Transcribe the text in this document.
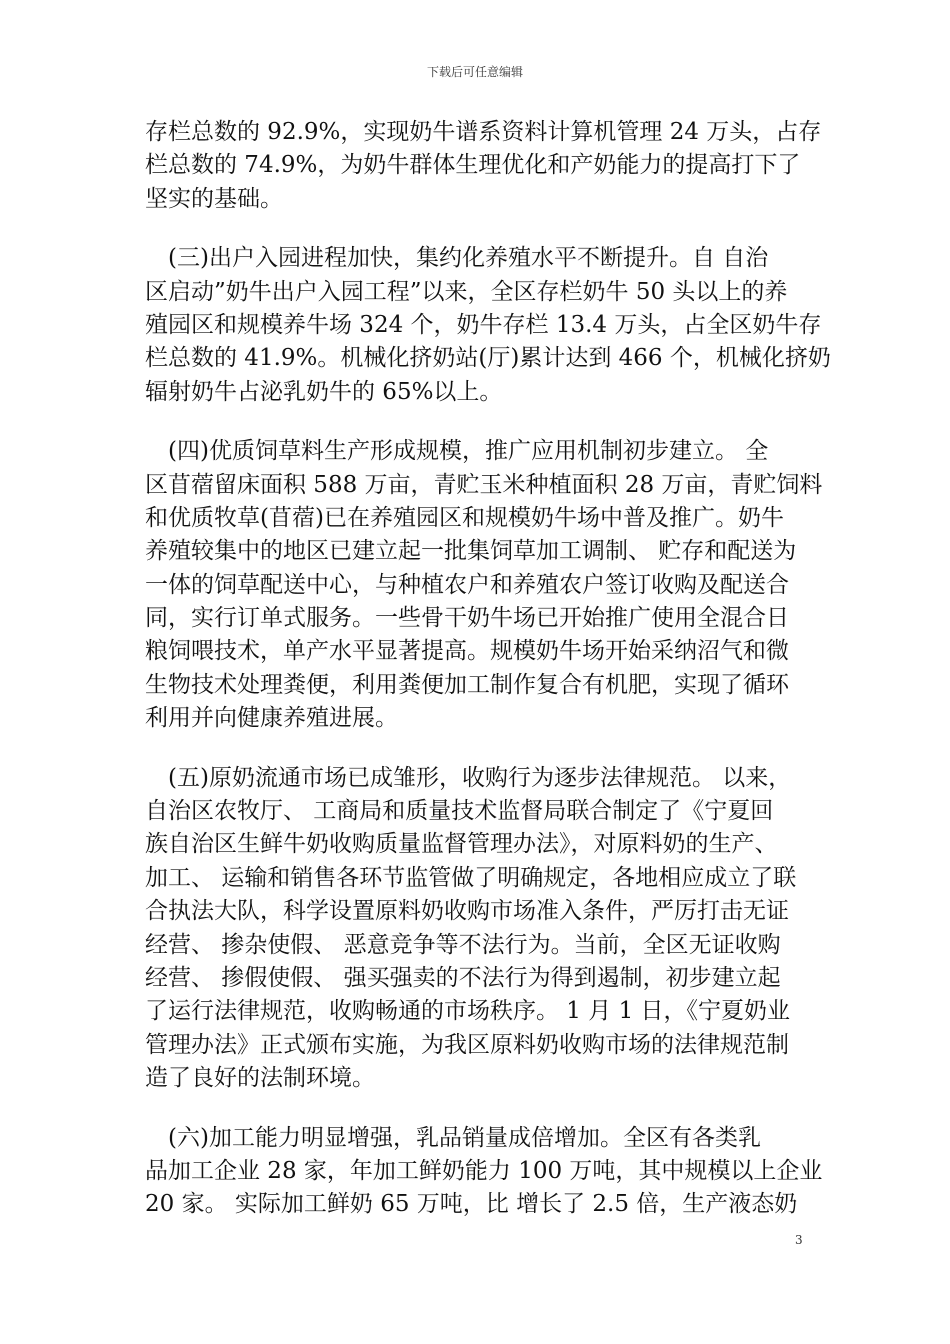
下载后可任意编辑

存栏总数的 92.9%，实现奶牛谱系资料计算机管理 24 万头，占存
栏总数的 74.9%，为奶牛群体生理优化和产奶能力的提高打下了
坚实的基础。

　(三)出户入园进程加快，集约化养殖水平不断提升。自 自治
区启动”奶牛出户入园工程”以来，全区存栏奶牛 50 头以上的养
殖园区和规模养牛场 324 个，奶牛存栏 13.4 万头，占全区奶牛存
栏总数的 41.9%。机械化挤奶站(厅)累计达到 466 个，机械化挤奶
辐射奶牛占泌乳奶牛的 65%以上。

　(四)优质饲草料生产形成规模，推广应用机制初步建立。 全
区苜蓿留床面积 588 万亩，青贮玉米种植面积 28 万亩，青贮饲料
和优质牧草(苜蓿)已在养殖园区和规模奶牛场中普及推广。奶牛
养殖较集中的地区已建立起一批集饲草加工调制、 贮存和配送为
一体的饲草配送中心，与种植农户和养殖农户签订收购及配送合
同，实行订单式服务。一些骨干奶牛场已开始推广使用全混合日
粮饲喂技术，单产水平显著提高。规模奶牛场开始采纳沼气和微
生物技术处理粪便，利用粪便加工制作复合有机肥，实现了循环
利用并向健康养殖进展。

　(五)原奶流通市场已成雏形，收购行为逐步法律规范。 以来，
自治区农牧厅、 工商局和质量技术监督局联合制定了《宁夏回
族自治区生鲜牛奶收购质量监督管理办法》，对原料奶的生产、
加工、 运输和销售各环节监管做了明确规定，各地相应成立了联
合执法大队，科学设置原料奶收购市场准入条件，严厉打击无证
经营、 掺杂使假、 恶意竞争等不法行为。当前，全区无证收购
经营、 掺假使假、 强买强卖的不法行为得到遏制，初步建立起
了运行法律规范，收购畅通的市场秩序。 1 月 1 日，《宁夏奶业
管理办法》正式颁布实施，为我区原料奶收购市场的法律规范制
造了良好的法制环境。

　(六)加工能力明显增强，乳品销量成倍增加。全区有各类乳
品加工企业 28 家，年加工鲜奶能力 100 万吨，其中规模以上企业
20 家。 实际加工鲜奶 65 万吨，比 增长了 2.5 倍，生产液态奶

3
